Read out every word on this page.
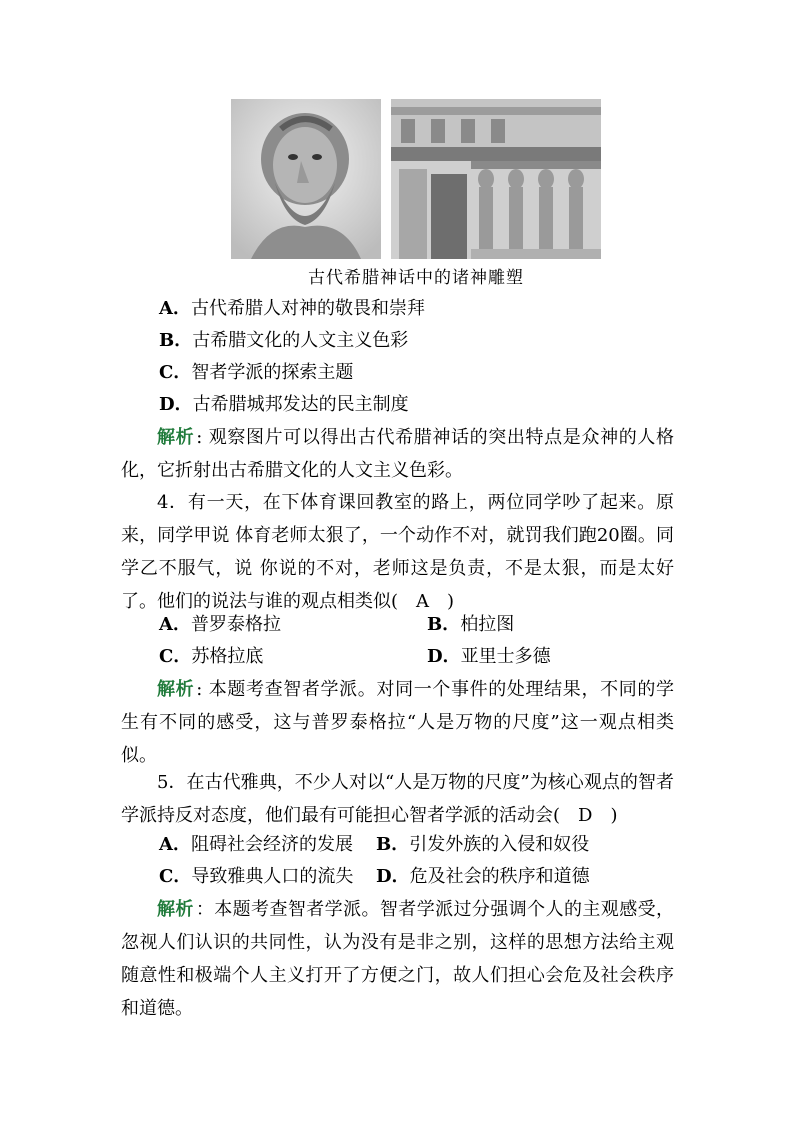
古代希腊神话中的诸神雕塑
A．古代希腊人对神的敬畏和崇拜
B．古希腊文化的人文主义色彩
C．智者学派的探索主题
D．古希腊城邦发达的民主制度
解析 : 观察图片可以得出古代希腊神话的突出特点是众神的人格化，它折射出古希腊文化的人文主义色彩。
4．有一天，在下体育课回教室的路上，两位同学吵了起来。原来，同学甲说 体育老师太狠了，一个动作不对，就罚我们跑20圈。同学乙不服气，说 你说的不对，老师这是负责，不是太狠，而是太好了。他们的说法与谁的观点相类似(　A　)
A．普罗泰格拉	B．柏拉图
C．苏格拉底	D．亚里士多德
解析 : 本题考查智者学派。对同一个事件的处理结果，不同的学生有不同的感受，这与普罗泰格拉“人是万物的尺度”这一观点相类似。
5．在古代雅典，不少人对以“人是万物的尺度”为核心观点的智者学派持反对态度，他们最有可能担心智者学派的活动会(　D　)
A．阻碍社会经济的发展 B．引发外族的入侵和奴役
C．导致雅典人口的流失 D．危及社会的秩序和道德
解析 ：本题考查智者学派。智者学派过分强调个人的主观感受，忽视人们认识的共同性，认为没有是非之别，这样的思想方法给主观随意性和极端个人主义打开了方便之门，故人们担心会危及社会秩序和道德。
